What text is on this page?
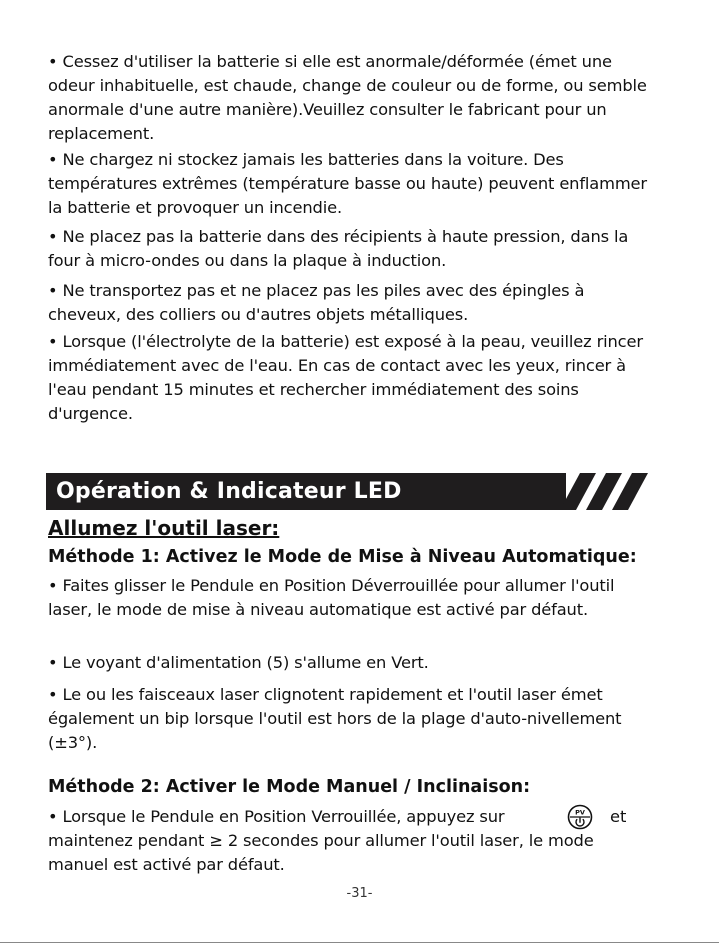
• Cessez d'utiliser la batterie si elle est anormale/déformée (émet une odeur inhabituelle, est chaude, change de couleur ou de forme, ou semble anormale d'une autre manière).Veuillez consulter le fabricant pour un replacement.

• Ne chargez ni stockez jamais les batteries dans la voiture. Des températures extrêmes (température basse ou haute) peuvent enflammer la batterie et provoquer un incendie.

• Ne placez pas la batterie dans des récipients à haute pression, dans la four à micro-ondes ou dans la plaque à induction.

• Ne transportez pas et ne placez pas les piles avec des épingles à cheveux, des colliers ou d'autres objets métalliques.

• Lorsque (l'électrolyte de la batterie) est exposé à la peau, veuillez rincer immédiatement avec de l'eau. En cas de contact avec les yeux, rincer à l'eau pendant 15 minutes et rechercher immédiatement des soins d'urgence.

Opération & Indicateur LED
Allumez l'outil laser:
Méthode 1: Activez le Mode de Mise à Niveau Automatique:

• Faites glisser le Pendule en Position Déverrouillée pour allumer l'outil laser, le mode de mise à niveau automatique est activé par défaut.

• Le voyant d'alimentation (5) s'allume en Vert.

• Le ou les faisceaux laser clignotent rapidement et l'outil laser émet également un bip lorsque l'outil est hors de la plage d'auto-nivellement (±3°).

Méthode 2: Activer le Mode Manuel / Inclinaison:

• Lorsque le Pendule en Position Verrouillée, appuyez sur	PV et

maintenez pendant ≥ 2 secondes pour allumer l'outil laser, le mode manuel est activé par défaut.

-31-
